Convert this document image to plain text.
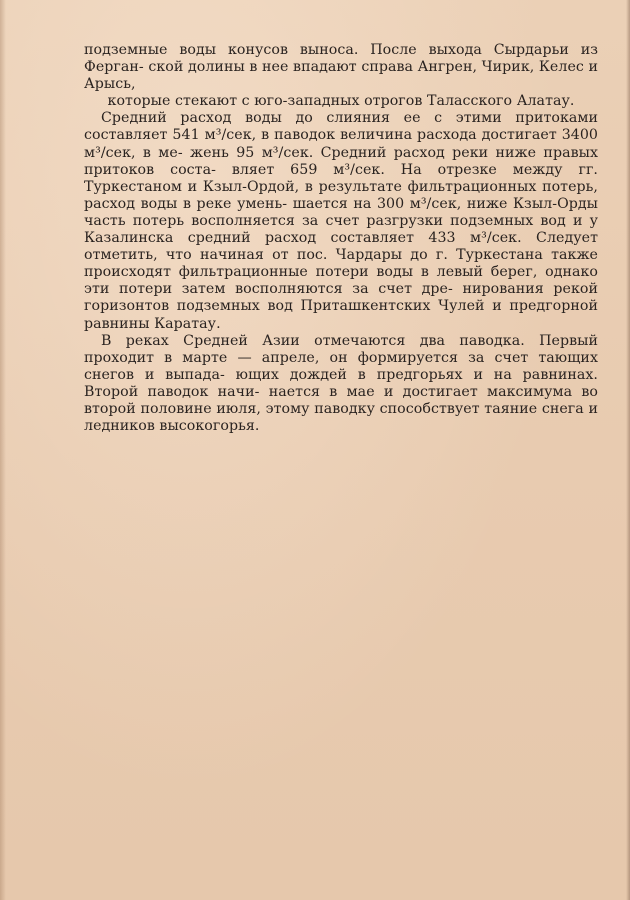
подземные воды конусов выноса. После выхода Сырдарьи из Ферган- ской долины в нее впадают справа Ангрен, Чирик, Келес и Арысь,
которые стекают с юго-западных отрогов Таласского Алатау.

Средний расход воды до слияния ее с этими притоками составляет 541 м³/сек, в паводок величина расхода достигает 3400 м³/сек, в ме- жень 95 м³/сек. Средний расход реки ниже правых притоков соста- вляет 659 м³/сек. На отрезке между гг. Туркестаном и Кзыл-Ордой, в результате фильтрационных потерь, расход воды в реке умень- шается на 300 м³/сек, ниже Кзыл-Орды часть потерь восполняется за счет разгрузки подземных вод и у Казалинска средний расход составляет 433 м³/сек. Следует отметить, что начиная от пос. Чардары до г. Туркестана также происходят фильтрационные потери воды в левый берег, однако эти потери затем восполняются за счет дре- нирования рекой горизонтов подземных вод Приташкентских Чулей и предгорной равнины Каратау.

В реках Средней Азии отмечаются два паводка. Первый проходит в марте — апреле, он формируется за счет тающих снегов и выпада- ющих дождей в предгорьях и на равнинах. Второй паводок начи- нается в мае и достигает максимума во второй половине июля, этому паводку способствует таяние снега и ледников высокогорья.
